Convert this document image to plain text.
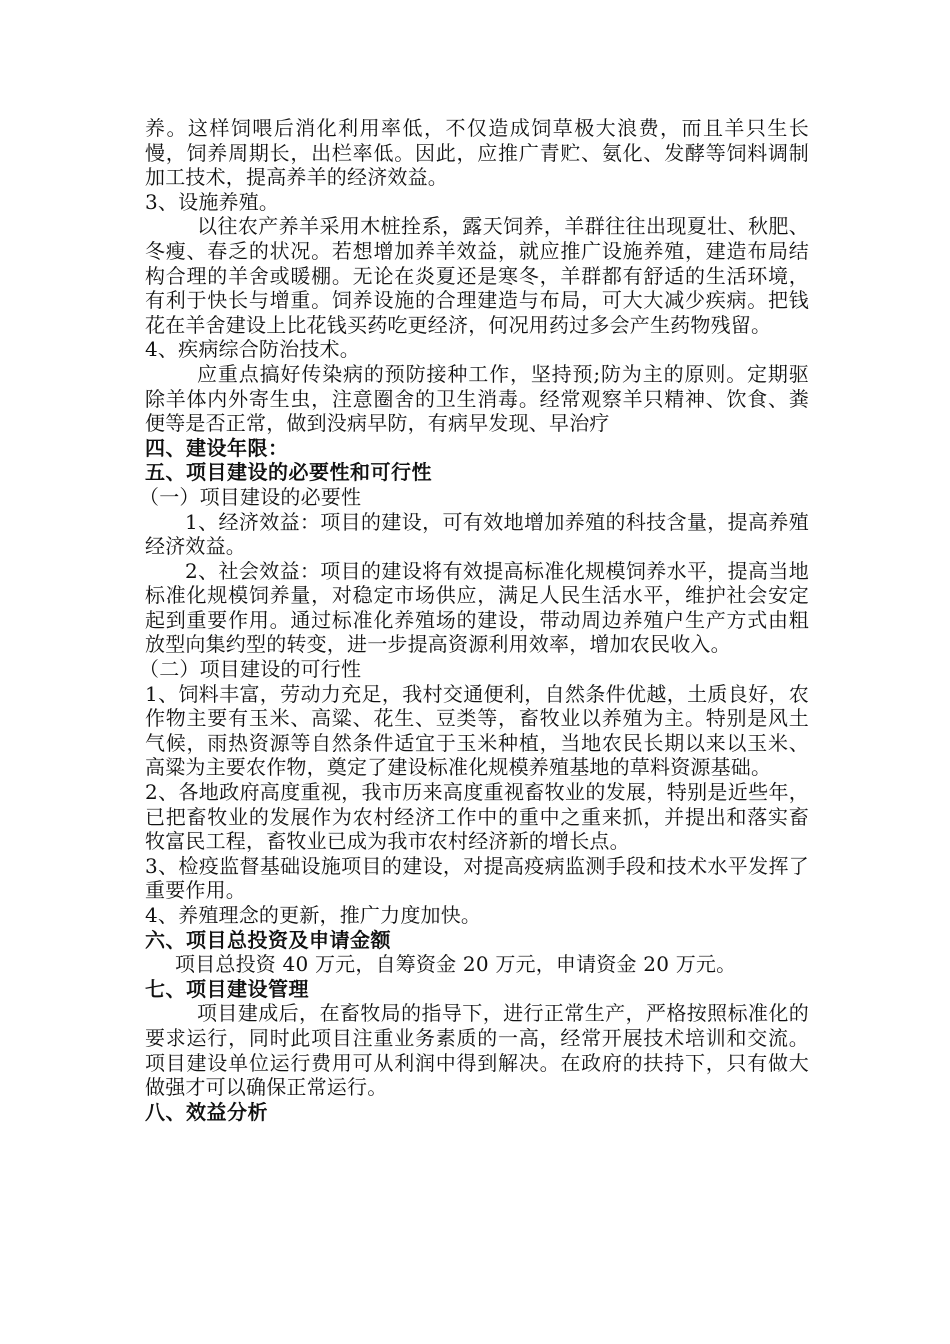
养。这样饲喂后消化利用率低，不仅造成饲草极大浪费，而且羊只生长慢，饲养周期长，出栏率低。因此，应推广青贮、氨化、发酵等饲料调制加工技术，提高养羊的经济效益。

3、设施养殖。

以往农产养羊采用木桩拴系，露天饲养，羊群往往出现夏壮、秋肥、冬瘦、春乏的状况。若想增加养羊效益，就应推广设施养殖，建造布局结构合理的羊舍或暖棚。无论在炎夏还是寒冬，羊群都有舒适的生活环境，有利于快长与增重。饲养设施的合理建造与布局，可大大减少疾病。把钱花在羊舍建设上比花钱买药吃更经济，何况用药过多会产生药物残留。

4、疾病综合防治技术。

应重点搞好传染病的预防接种工作，坚持预;防为主的原则。定期驱除羊体内外寄生虫，注意圈舍的卫生消毒。经常观察羊只精神、饮食、粪便等是否正常，做到没病早防，有病早发现、早治疗

四、建设年限：

五、项目建设的必要性和可行性

（一）项目建设的必要性

1、经济效益：项目的建设，可有效地增加养殖的科技含量，提高养殖经济效益。

2、社会效益：项目的建设将有效提高标准化规模饲养水平，提高当地标准化规模饲养量，对稳定市场供应，满足人民生活水平，维护社会安定起到重要作用。通过标准化养殖场的建设，带动周边养殖户生产方式由粗放型向集约型的转变，进一步提高资源利用效率，增加农民收入。

（二）项目建设的可行性

1、饲料丰富，劳动力充足，我村交通便利，自然条件优越，土质良好，农作物主要有玉米、高粱、花生、豆类等，畜牧业以养殖为主。特别是风土气候，雨热资源等自然条件适宜于玉米种植，当地农民长期以来以玉米、高粱为主要农作物，奠定了建设标准化规模养殖基地的草料资源基础。

2、各地政府高度重视，我市历来高度重视畜牧业的发展，特别是近些年，已把畜牧业的发展作为农村经济工作中的重中之重来抓，并提出和落实畜牧富民工程，畜牧业已成为我市农村经济新的增长点。

3、检疫监督基础设施项目的建设，对提高疫病监测手段和技术水平发挥了重要作用。

4、养殖理念的更新，推广力度加快。

六、项目总投资及申请金额

项目总投资 40 万元，自筹资金 20 万元，申请资金 20 万元。

七、项目建设管理

项目建成后，在畜牧局的指导下，进行正常生产，严格按照标准化的要求运行，同时此项目注重业务素质的一高，经常开展技术培训和交流。项目建设单位运行费用可从利润中得到解决。在政府的扶持下，只有做大做强才可以确保正常运行。

八、效益分析
